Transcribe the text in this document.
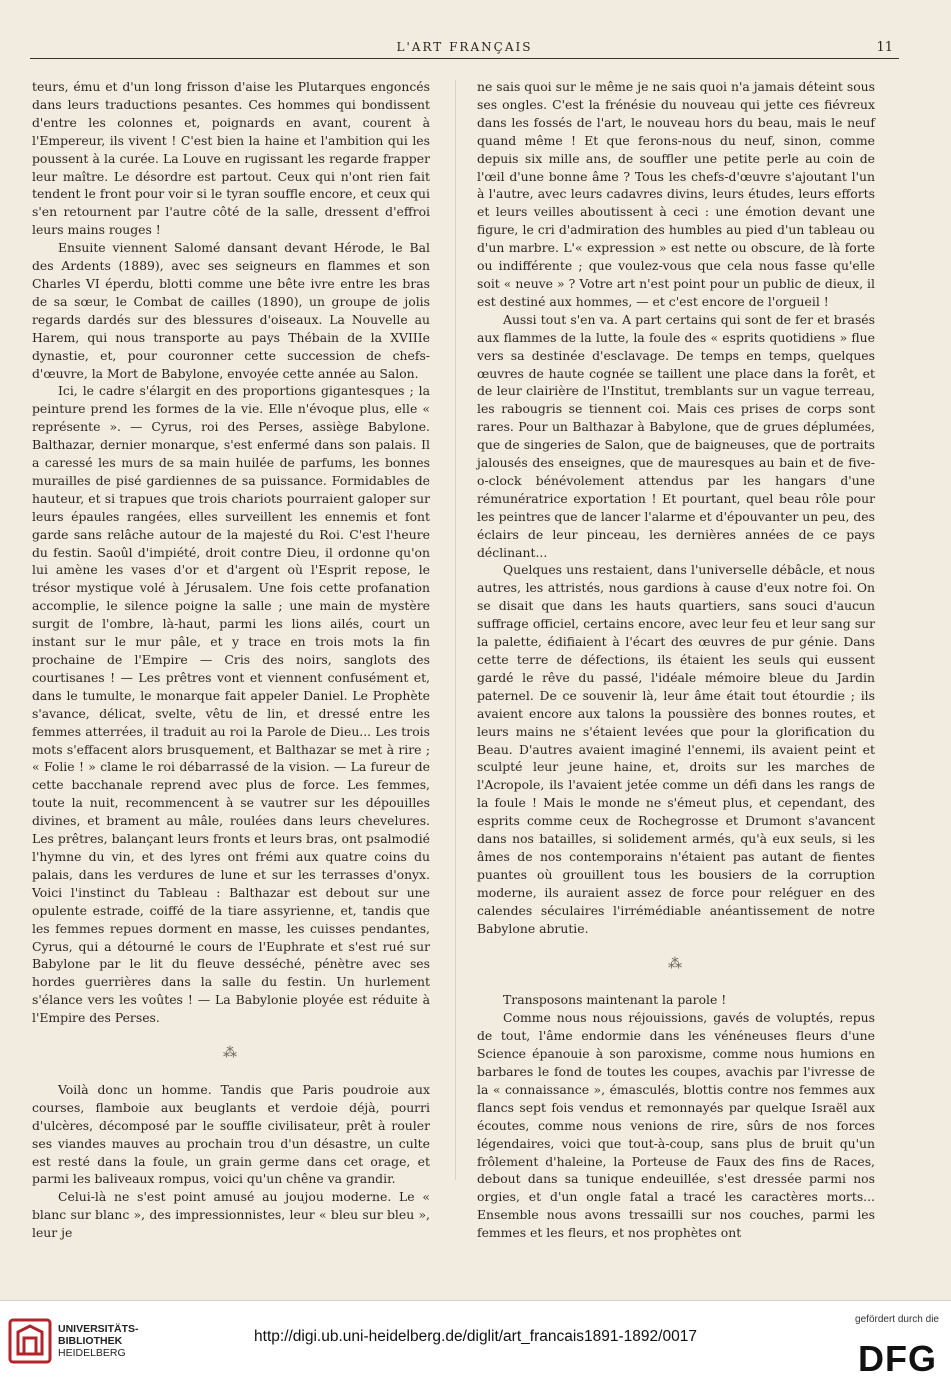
L'ART FRANÇAIS	11

teurs, ému et d'un long frisson d'aise les Plutarques engoncés dans leurs traductions pesantes. Ces hommes qui bondissent d'entre les colonnes et, poignards en avant, courent à l'Empereur, ils vivent ! C'est bien la haine et l'ambition qui les poussent à la curée. La Louve en rugissant les regarde frapper leur maître. Le désordre est partout. Ceux qui n'ont rien fait tendent le front pour voir si le tyran souffle encore, et ceux qui s'en retournent par l'autre côté de la salle, dressent d'effroi leurs mains rouges !

Ensuite viennent Salomé dansant devant Hérode, le Bal des Ardents (1889), avec ses seigneurs en flammes et son Charles VI éperdu, blotti comme une bête ivre entre les bras de sa sœur, le Combat de cailles (1890), un groupe de jolis regards dardés sur des blessures d'oiseaux. La Nouvelle au Harem, qui nous transporte au pays Thébain de la XVIIIe dynastie, et, pour couronner cette succession de chefs-d'œuvre, la Mort de Babylone, envoyée cette année au Salon.

Ici, le cadre s'élargit en des proportions gigantesques ; la peinture prend les formes de la vie. Elle n'évoque plus, elle « représente ». — Cyrus, roi des Perses, assiège Babylone. Balthazar, dernier monarque, s'est enfermé dans son palais. Il a caressé les murs de sa main huilée de parfums, les bonnes murailles de pisé gardiennes de sa puissance. Formidables de hauteur, et si trapues que trois chariots pourraient galoper sur leurs épaules rangées, elles surveillent les ennemis et font garde sans relâche autour de la majesté du Roi. C'est l'heure du festin. Saoûl d'impiété, droit contre Dieu, il ordonne qu'on lui amène les vases d'or et d'argent où l'Esprit repose, le trésor mystique volé à Jérusalem. Une fois cette profanation accomplie, le silence poigne la salle ; une main de mystère surgit de l'ombre, là-haut, parmi les lions ailés, court un instant sur le mur pâle, et y trace en trois mots la fin prochaine de l'Empire — Cris des noirs, sanglots des courtisanes ! — Les prêtres vont et viennent confusément et, dans le tumulte, le monarque fait appeler Daniel. Le Prophète s'avance, délicat, svelte, vêtu de lin, et dressé entre les femmes atterrées, il traduit au roi la Parole de Dieu... Les trois mots s'effacent alors brusquement, et Balthazar se met à rire ; « Folie ! » clame le roi débarrassé de la vision. — La fureur de cette bacchanale reprend avec plus de force. Les femmes, toute la nuit, recommencent à se vautrer sur les dépouilles divines, et brament au mâle, roulées dans leurs chevelures. Les prêtres, balançant leurs fronts et leurs bras, ont psalmodié l'hymne du vin, et des lyres ont frémi aux quatre coins du palais, dans les verdures de lune et sur les terrasses d'onyx. Voici l'instinct du Tableau : Balthazar est debout sur une opulente estrade, coiffé de la tiare assyrienne, et, tandis que les femmes repues dorment en masse, les cuisses pendantes, Cyrus, qui a détourné le cours de l'Euphrate et s'est rué sur Babylone par le lit du fleuve desséché, pénètre avec ses hordes guerrières dans la salle du festin. Un hurlement s'élance vers les voûtes ! — La Babylonie ployée est réduite à l'Empire des Perses.

⁂

Voilà donc un homme. Tandis que Paris poudroie aux courses, flamboie aux beuglants et verdoie déjà, pourri d'ulcères, décomposé par le souffle civilisateur, prêt à rouler ses viandes mauves au prochain trou d'un désastre, un culte est resté dans la foule, un grain germe dans cet orage, et parmi les baliveaux rompus, voici qu'un chêne va grandir.

Celui-là ne s'est point amusé au joujou moderne. Le « blanc sur blanc », des impressionnistes, leur « bleu sur bleu », leur je

ne sais quoi sur le même je ne sais quoi n'a jamais déteint sous ses ongles. C'est la frénésie du nouveau qui jette ces fiévreux dans les fossés de l'art, le nouveau hors du beau, mais le neuf quand même ! Et que ferons-nous du neuf, sinon, comme depuis six mille ans, de souffler une petite perle au coin de l'œil d'une bonne âme ? Tous les chefs-d'œuvre s'ajoutant l'un à l'autre, avec leurs cadavres divins, leurs études, leurs efforts et leurs veilles aboutissent à ceci : une émotion devant une figure, le cri d'admiration des humbles au pied d'un tableau ou d'un marbre. L'« expression » est nette ou obscure, de là forte ou indifférente ; que voulez-vous que cela nous fasse qu'elle soit « neuve » ? Votre art n'est point pour un public de dieux, il est destiné aux hommes, — et c'est encore de l'orgueil !

Aussi tout s'en va. A part certains qui sont de fer et brasés aux flammes de la lutte, la foule des « esprits quotidiens » flue vers sa destinée d'esclavage. De temps en temps, quelques œuvres de haute cognée se taillent une place dans la forêt, et de leur clairière de l'Institut, tremblants sur un vague terreau, les rabougris se tiennent coi. Mais ces prises de corps sont rares. Pour un Balthazar à Babylone, que de grues déplumées, que de singeries de Salon, que de baigneuses, que de portraits jalousés des enseignes, que de mauresques au bain et de five-o-clock bénévolement attendus par les hangars d'une rémunératrice exportation ! Et pourtant, quel beau rôle pour les peintres que de lancer l'alarme et d'épouvanter un peu, des éclairs de leur pinceau, les dernières années de ce pays déclinant...

Quelques uns restaient, dans l'universelle débâcle, et nous autres, les attristés, nous gardions à cause d'eux notre foi. On se disait que dans les hauts quartiers, sans souci d'aucun suffrage officiel, certains encore, avec leur feu et leur sang sur la palette, édifiaient à l'écart des œuvres de pur génie. Dans cette terre de défections, ils étaient les seuls qui eussent gardé le rêve du passé, l'idéale mémoire bleue du Jardin paternel. De ce souvenir là, leur âme était tout étourdie ; ils avaient encore aux talons la poussière des bonnes routes, et leurs mains ne s'étaient levées que pour la glorification du Beau. D'autres avaient imaginé l'ennemi, ils avaient peint et sculpté leur jeune haine, et, droits sur les marches de l'Acropole, ils l'avaient jetée comme un défi dans les rangs de la foule ! Mais le monde ne s'émeut plus, et cependant, des esprits comme ceux de Rochegrosse et Drumont s'avancent dans nos batailles, si solidement armés, qu'à eux seuls, si les âmes de nos contemporains n'étaient pas autant de fientes puantes où grouillent tous les bousiers de la corruption moderne, ils auraient assez de force pour reléguer en des calendes séculaires l'irrémédiable anéantissement de notre Babylone abrutie.

⁂

Transposons maintenant la parole !

Comme nous nous réjouissions, gavés de voluptés, repus de tout, l'âme endormie dans les vénéneuses fleurs d'une Science épanouie à son paroxisme, comme nous humions en barbares le fond de toutes les coupes, avachis par l'ivresse de la « connaissance », émasculés, blottis contre nos femmes aux flancs sept fois vendus et remonnayés par quelque Israël aux écoutes, comme nous venions de rire, sûrs de nos forces légendaires, voici que tout-à-coup, sans plus de bruit qu'un frôlement d'haleine, la Porteuse de Faux des fins de Races, debout dans sa tunique endeuillée, s'est dressée parmi nos orgies, et d'un ongle fatal a tracé les caractères morts... Ensemble nous avons tressailli sur nos couches, parmi les femmes et les fleurs, et nos prophètes ont

UNIVERSITÄTS-
BIBLIOTHEK
HEIDELBERG
http://digi.ub.uni-heidelberg.de/diglit/art_francais1891-1892/0017
gefördert durch die
DFG
